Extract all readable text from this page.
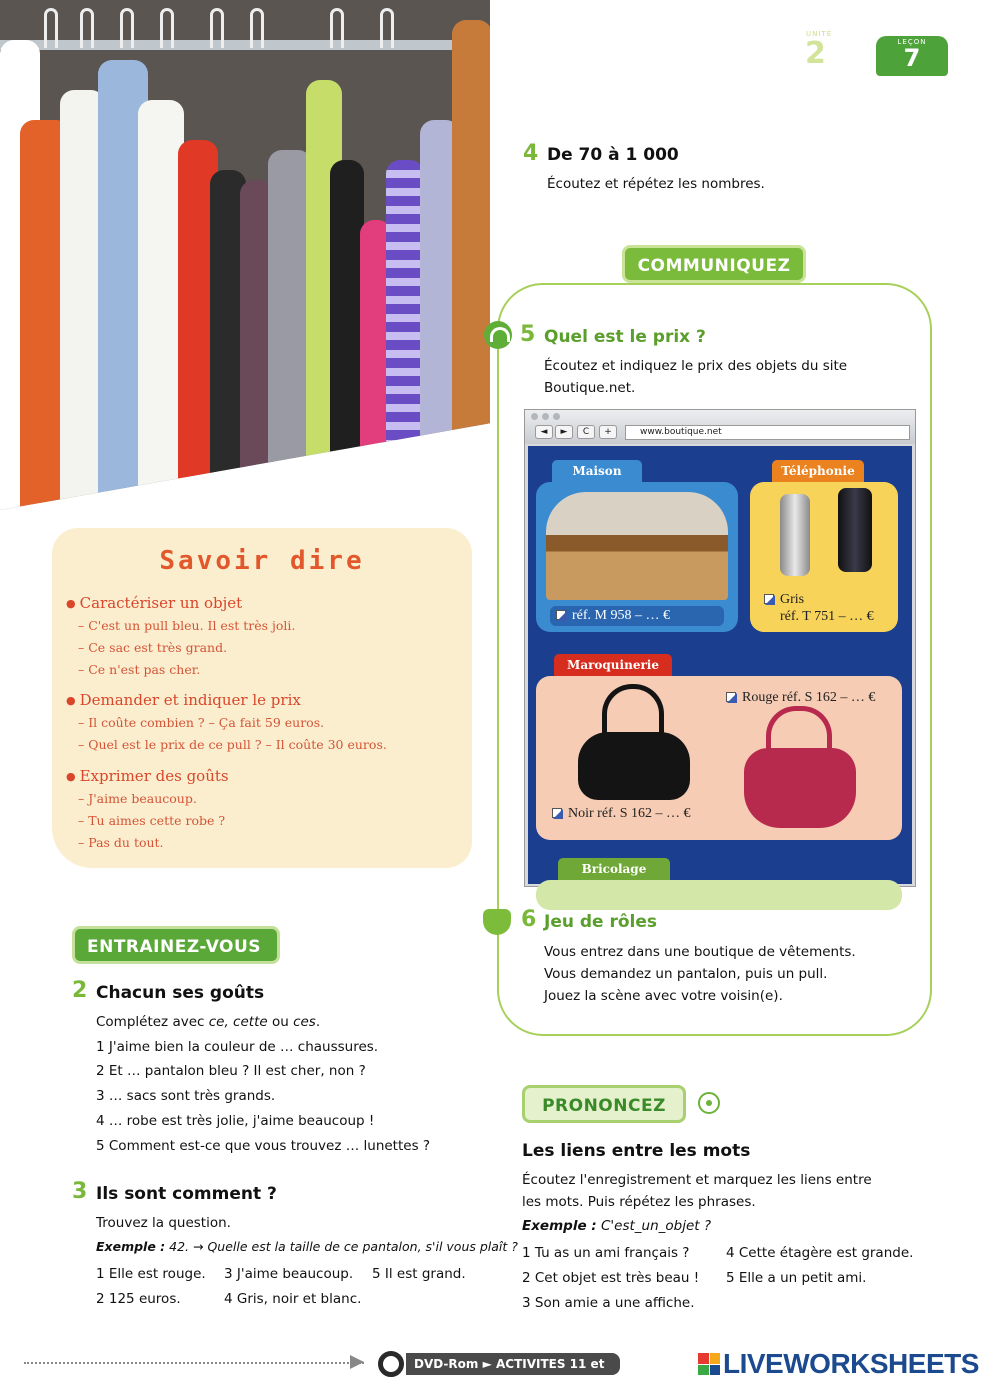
UNITÉ
2	LEÇON
7
4 De 70 à 1 000
Écoutez et répétez les nombres.
COMMUNIQUEZ
5 Quel est le prix ?
Écoutez et indiquez le prix des objets du site
Boutique.net.
◄	►	C	+	www.boutique.net
Maison
réf. M 958 – … €
Téléphonie
Gris
réf. T 751 – … €
Maroquinerie
Rouge réf. S 162 – … €
Noir réf. S 162 – … €
Bricolage
6 Jeu de rôles
Vous entrez dans une boutique de vêtements.
Vous demandez un pantalon, puis un pull.
Jouez la scène avec votre voisin(e).
Savoir dire
● Caractériser un objet
– C'est un pull bleu. Il est très joli.
– Ce sac est très grand.
– Ce n'est pas cher.
● Demander et indiquer le prix
– Il coûte combien ? – Ça fait 59 euros.
– Quel est le prix de ce pull ? – Il coûte 30 euros.
● Exprimer des goûts
– J'aime beaucoup.
– Tu aimes cette robe ?
– Pas du tout.
ENTRAINEZ-VOUS
2 Chacun ses goûts
Complétez avec ce, cette ou ces.
1 J'aime bien la couleur de … chaussures.
2 Et … pantalon bleu ? Il est cher, non ?
3 … sacs sont très grands.
4 … robe est très jolie, j'aime beaucoup !
5 Comment est-ce que vous trouvez … lunettes ?
3 Ils sont comment ?
Trouvez la question.
Exemple : 42. → Quelle est la taille de ce pantalon, s'il vous plaît ?
1 Elle est rouge.
2 125 euros.
3 J'aime beaucoup.
4 Gris, noir et blanc.
5 Il est grand.
PRONONCEZ
Les liens entre les mots
Écoutez l'enregistrement et marquez les liens entre
les mots. Puis répétez les phrases.
Exemple : C'est_un_objet ?
1 Tu as un ami français ?
2 Cet objet est très beau !
3 Son amie a une affiche.
4 Cette étagère est grande.
5 Elle a un petit ami.
DVD-Rom ► ACTIVITES 11 et 12
LIVEWORKSHEETS
